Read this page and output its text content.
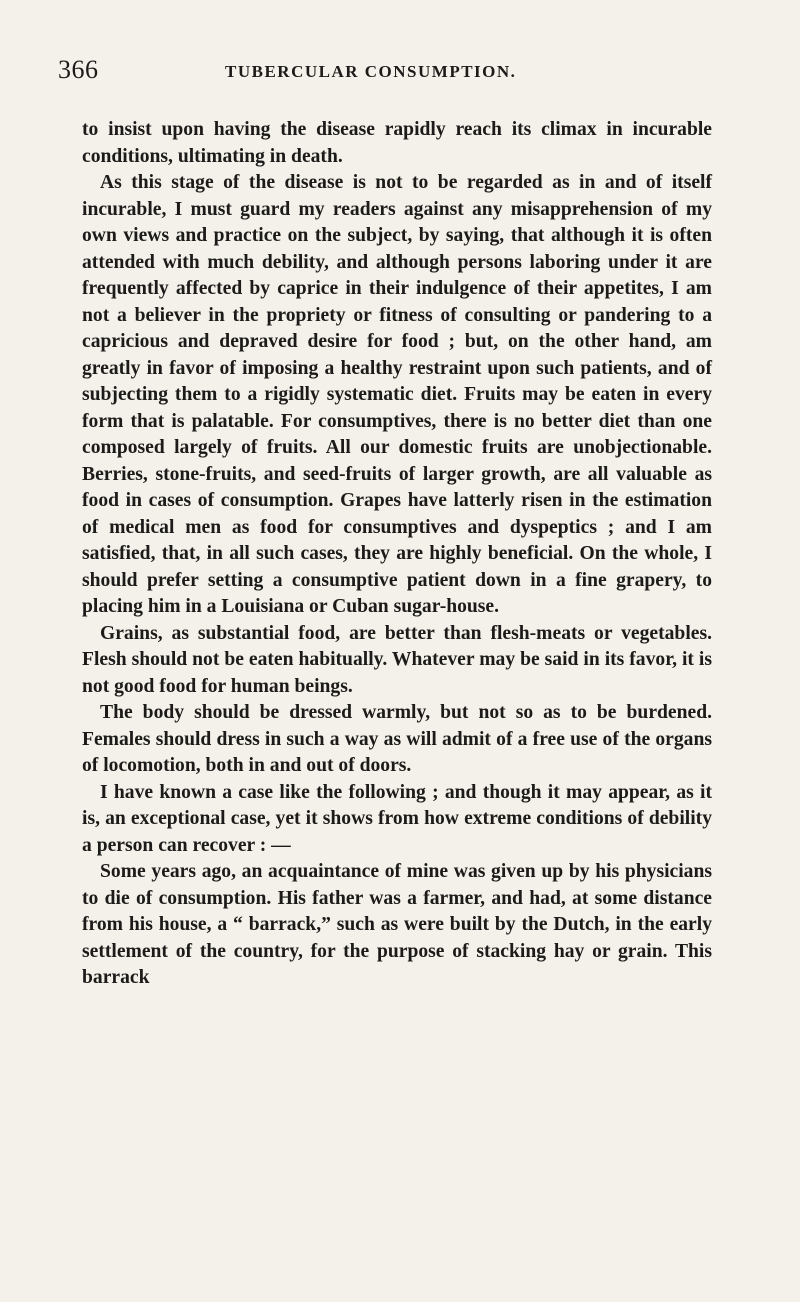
366	TUBERCULAR CONSUMPTION.

to insist upon having the disease rapidly reach its climax in incurable conditions, ultimating in death.

As this stage of the disease is not to be regarded as in and of itself incurable, I must guard my readers against any misapprehension of my own views and practice on the subject, by saying, that although it is often attended with much debility, and although persons laboring under it are frequently affected by caprice in their indulgence of their appetites, I am not a believer in the propriety or fitness of consulting or pandering to a capricious and depraved desire for food ; but, on the other hand, am greatly in favor of imposing a healthy restraint upon such patients, and of subjecting them to a rigidly systematic diet. Fruits may be eaten in every form that is palatable. For consumptives, there is no better diet than one composed largely of fruits. All our domestic fruits are unobjectionable. Berries, stone-fruits, and seed-fruits of larger growth, are all valuable as food in cases of consumption. Grapes have latterly risen in the estimation of medical men as food for consumptives and dyspeptics ; and I am satisfied, that, in all such cases, they are highly beneficial. On the whole, I should prefer setting a consumptive patient down in a fine grapery, to placing him in a Louisiana or Cuban sugar-house.

Grains, as substantial food, are better than flesh-meats or vegetables. Flesh should not be eaten habitually. Whatever may be said in its favor, it is not good food for human beings.

The body should be dressed warmly, but not so as to be burdened. Females should dress in such a way as will admit of a free use of the organs of locomotion, both in and out of doors.

I have known a case like the following ; and though it may appear, as it is, an exceptional case, yet it shows from how extreme conditions of debility a person can recover : —

Some years ago, an acquaintance of mine was given up by his physicians to die of consumption. His father was a farmer, and had, at some distance from his house, a “ barrack,” such as were built by the Dutch, in the early settlement of the country, for the purpose of stacking hay or grain. This barrack
